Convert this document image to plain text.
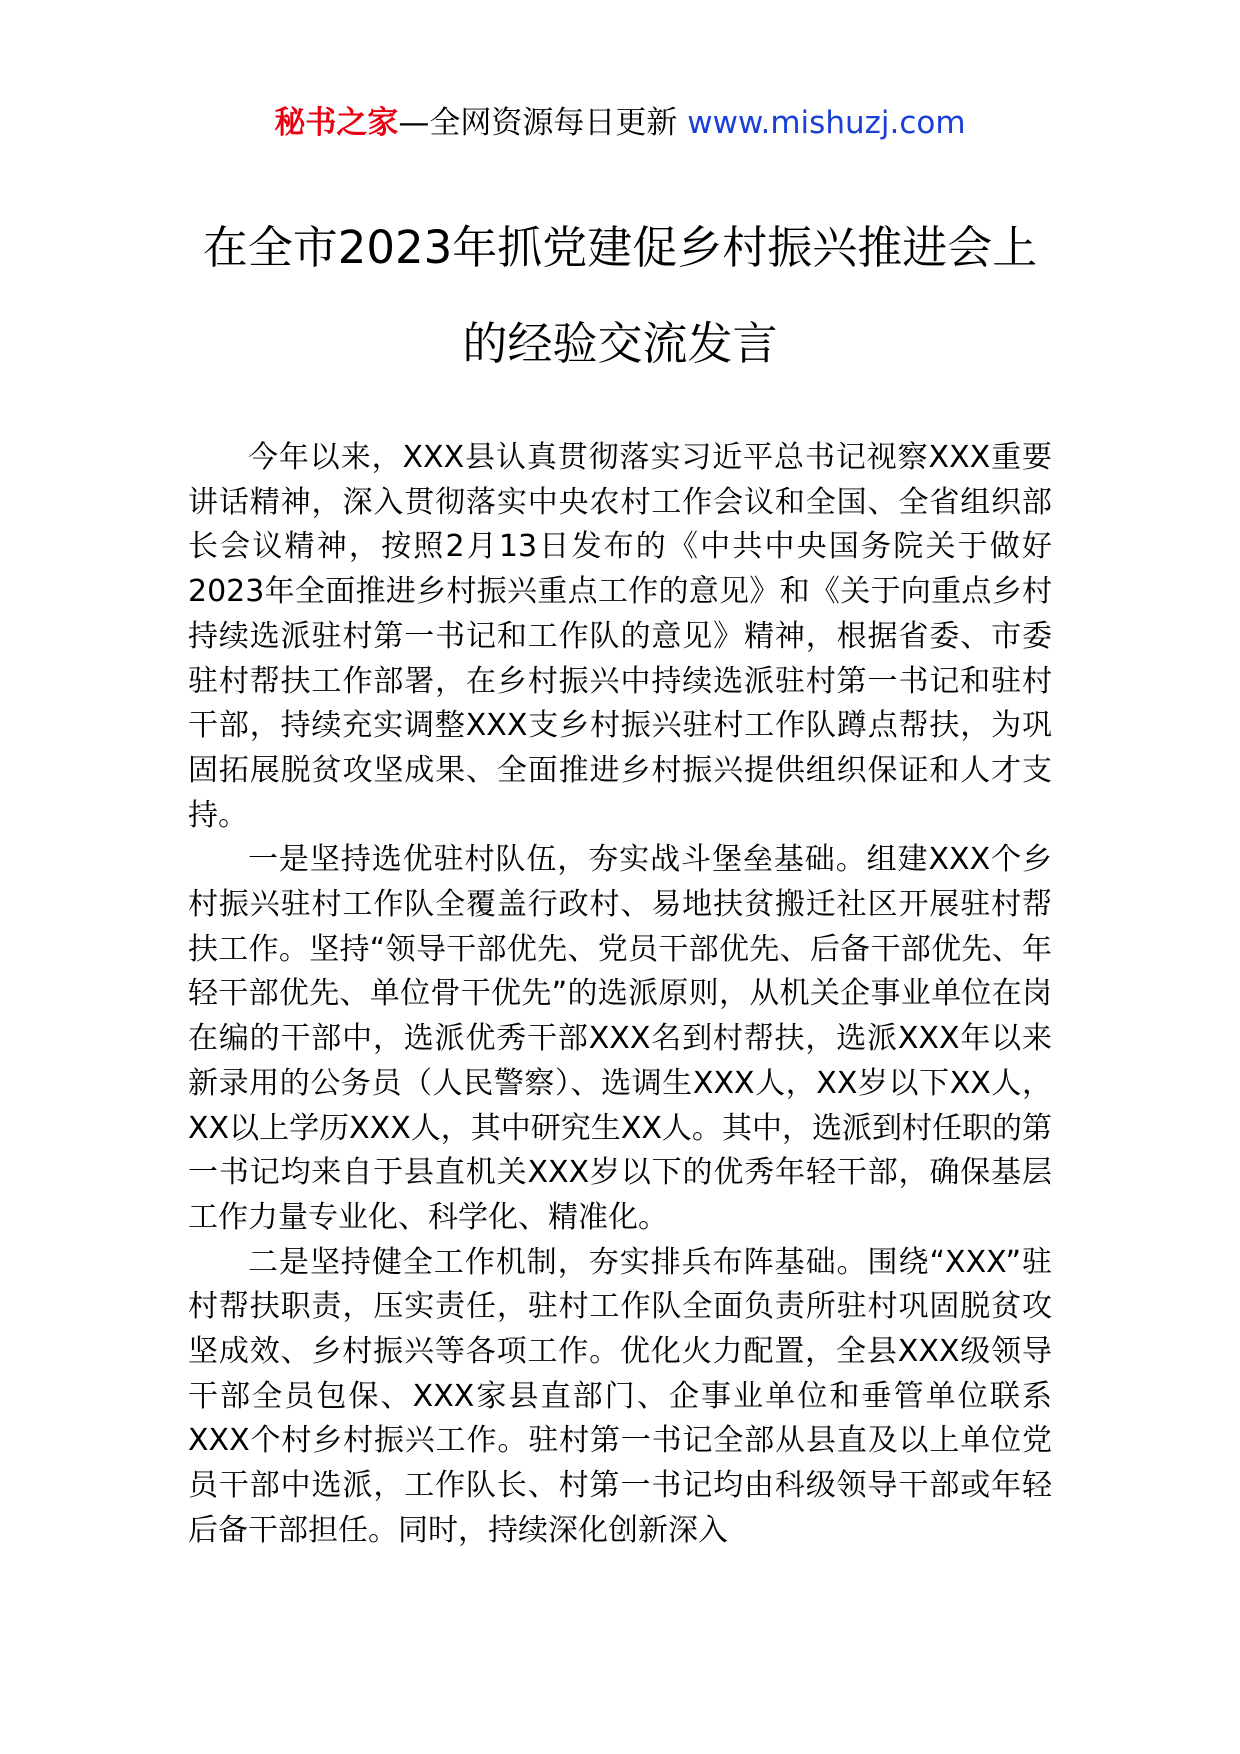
秘书之家—全网资源每日更新 www.mishuzj.com
在全市2023年抓党建促乡村振兴推进会上
的经验交流发言

今年以来，XXX县认真贯彻落实习近平总书记视察XXX重要讲话精神，深入贯彻落实中央农村工作会议和全国、全省组织部长会议精神，按照2月13日发布的《中共中央国务院关于做好2023年全面推进乡村振兴重点工作的意见》和《关于向重点乡村持续选派驻村第一书记和工作队的意见》精神，根据省委、市委驻村帮扶工作部署，在乡村振兴中持续选派驻村第一书记和驻村干部，持续充实调整XXX支乡村振兴驻村工作队蹲点帮扶，为巩固拓展脱贫攻坚成果、全面推进乡村振兴提供组织保证和人才支持。

一是坚持选优驻村队伍，夯实战斗堡垒基础。组建XXX个乡村振兴驻村工作队全覆盖行政村、易地扶贫搬迁社区开展驻村帮扶工作。坚持“领导干部优先、党员干部优先、后备干部优先、年轻干部优先、单位骨干优先”的选派原则，从机关企事业单位在岗在编的干部中，选派优秀干部XXX名到村帮扶，选派XXX年以来新录用的公务员（人民警察）、选调生XXX人，XX岁以下XX人，XX以上学历XXX人，其中研究生XX人。其中，选派到村任职的第一书记均来自于县直机关XXX岁以下的优秀年轻干部，确保基层工作力量专业化、科学化、精准化。

二是坚持健全工作机制，夯实排兵布阵基础。围绕“XXX”驻村帮扶职责，压实责任，驻村工作队全面负责所驻村巩固脱贫攻坚成效、乡村振兴等各项工作。优化火力配置，全县XXX级领导干部全员包保、XXX家县直部门、企事业单位和垂管单位联系XXX个村乡村振兴工作。驻村第一书记全部从县直及以上单位党员干部中选派，工作队长、村第一书记均由科级领导干部或年轻后备干部担任。同时，持续深化创新深入
